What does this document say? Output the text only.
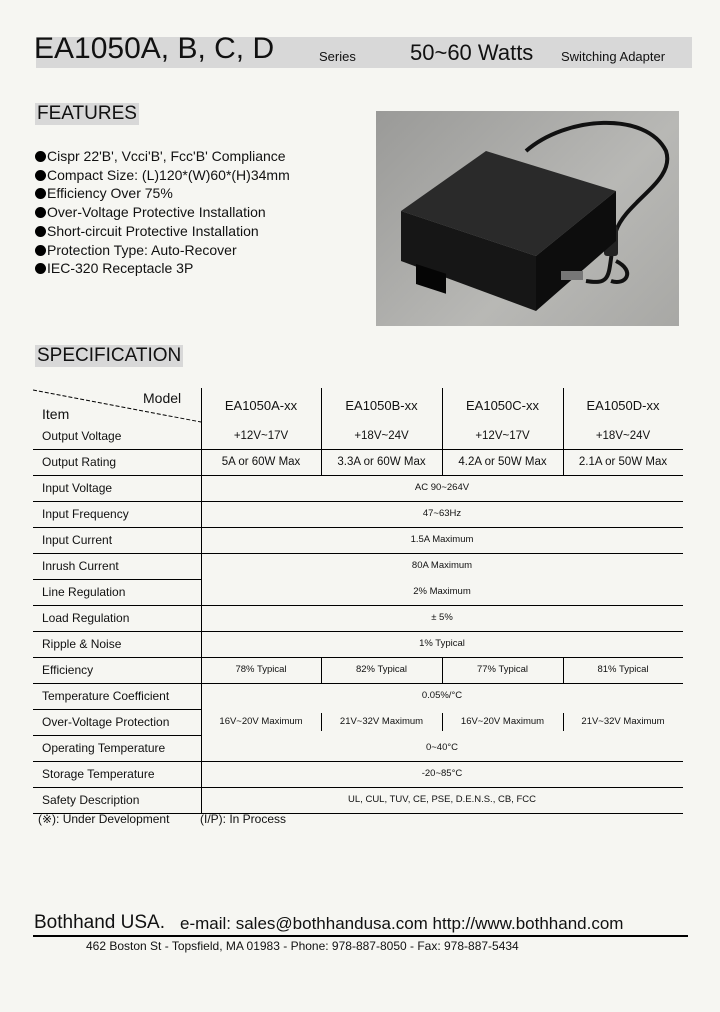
EA1050A, B, C, D	Series 50~60 Watts Switching Adapter
FEATURES
Cispr 22'B', Vcci'B', Fcc'B' Compliance
Compact Size: (L)120*(W)60*(H)34mm
Efficiency Over 75%
Over-Voltage Protective Installation
Short-circuit Protective Installation
Protection Type: Auto-Recover
IEC-320 Receptacle 3P
SPECIFICATION
Model
Item
EA1050A-xx	EA1050B-xx	EA1050C-xx	EA1050D-xx
Output Voltage	+12V~17V	+18V~24V	+12V~17V	+18V~24V
Output Rating	5A or 60W Max	3.3A or 60W Max	4.2A or 50W Max	2.1A or 50W Max
Input Voltage	AC 90~264V
Input Frequency	47~63Hz
Input Current	1.5A Maximum
Inrush Current	80A Maximum
Line Regulation	2% Maximum
Load Regulation	± 5%
Ripple & Noise	1% Typical
Efficiency	78% Typical	82% Typical	77% Typical	81% Typical
Temperature Coefficient	0.05%/°C
Over-Voltage Protection	16V~20V Maximum	21V~32V Maximum	16V~20V Maximum	21V~32V Maximum
Operating Temperature	0~40°C
Storage Temperature	-20~85°C
Safety Description	UL, CUL, TUV, CE, PSE, D.E.N.S., CB, FCC
(※): Under Development	(I/P): In Process
Bothhand USA. e-mail: sales@bothhandusa.com http://www.bothhand.com
462 Boston St - Topsfield, MA 01983 - Phone: 978-887-8050 - Fax: 978-887-5434
